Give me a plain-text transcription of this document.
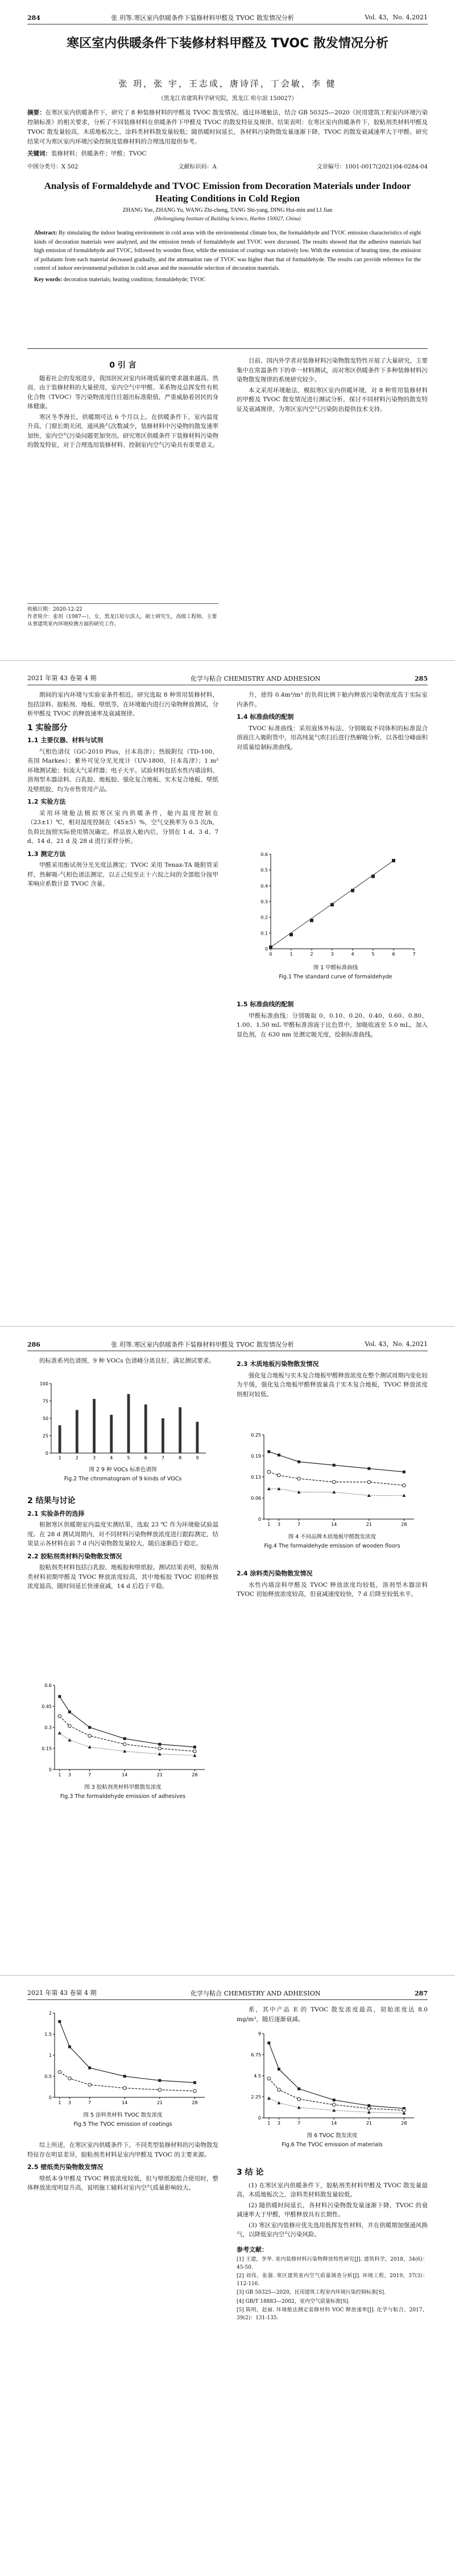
284	张 玥等.寒区室内供暖条件下装修材料甲醛及 TVOC 散发情况分析	Vol. 43，No. 4,2021
寒区室内供暖条件下装修材料甲醛及 TVOC 散发情况分析
张 玥，张 宇，王志成，唐诗洋，丁会敏，李 健
（黑龙江省建筑科学研究院，黑龙江 哈尔滨 150027）
摘要：在寒区室内供暖条件下，研究了 8 种装修材料的甲醛及 TVOC 散发情况。通过环境舱法，结合 GB 50325—2020《民用建筑工程室内环境污染控制标准》的相关要求，分析了不同装修材料在供暖条件下甲醛及 TVOC 的散发特征及规律。结果表明：在寒区室内供暖条件下，胶粘剂类材料甲醛及 TVOC 散发量较高，木质地板次之，涂料类材料散发量较低；随供暖时间延长，各材料污染物散发量逐渐下降，TVOC 的散发衰减速率大于甲醛。研究结果可为寒区室内环境污染控制及装修材料的合理选用提供参考。
关键词：装修材料；供暖条件；甲醛；TVOC
中图分类号：X 502	文献标识码：A	文章编号：1001-0017(2021)04-0284-04
Analysis of Formaldehyde and TVOC Emission from Decoration Materials under Indoor Heating Conditions in Cold Region
ZHANG Yue, ZHANG Yu, WANG Zhi-cheng, TANG Shi-yang, DING Hui-min and LI Jian
(Heilongjiang Institute of Building Science, Harbin 150027, China)
Abstract: By simulating the indoor heating environment in cold areas with the environmental climate box, the formaldehyde and TVOC emission characteristics of eight kinds of decoration materials were analyzed, and the emission trends of formaldehyde and TVOC were discussed. The results showed that the adhesive materials had high emission of formaldehyde and TVOC, followed by wooden floor, while the emission of coatings was relatively low. With the extension of heating time, the emission of pollutants from each material decreased gradually, and the attenuation rate of TVOC was higher than that of formaldehyde. The results can provide reference for the control of indoor environmental pollution in cold areas and the reasonable selection of decoration materials.
Key words: decoration materials; heating condition; formaldehyde; TVOC
0 引 言

随着社会的发展进步，我国居民对室内环境质量的要求越来越高。然而，由于装修材料的大量使用，室内空气中甲醛、苯系物及总挥发性有机化合物（TVOC）等污染物浓度往往超出标准限值，严重威胁着居民的身体健康。

寒区冬季漫长，供暖期可达 6 个月以上。在供暖条件下，室内温度升高，门窗长期关闭，通风换气次数减少，装修材料中污染物的散发速率加快，室内空气污染问题更加突出。研究寒区供暖条件下装修材料污染物的散发特征，对于合理选用装修材料、控制室内空气污染具有重要意义。

目前，国内外学者对装修材料污染物散发特性开展了大量研究，主要集中在常温条件下的单一材料测试，而对寒区供暖条件下多种装修材料污染物散发规律的系统研究较少。

本文采用环境舱法，模拟寒区室内供暖环境，对 8 种常用装修材料的甲醛及 TVOC 散发情况进行测试分析，探讨不同材料污染物的散发特征及衰减规律，为寒区室内空气污染防治提供技术支持。

收稿日期：2020-12-22
作者简介：张玥（1987—），女，黑龙江哈尔滨人，硕士研究生，高级工程师，主要从事建筑室内环境检测方面的研究工作。
2021 年第 43 卷第 4 期	化学与粘合 CHEMISTRY AND ADHESION	285

期间的室内环境与实验室条件相近。研究选取 8 种常用装修材料，包括涂料、胶粘剂、地板、壁纸等，在环境舱内进行污染物释放测试，分析甲醛及 TVOC 的释放速率及衰减规律。

1 实验部分
1.1 主要仪器、材料与试剂

气相色谱仪（GC-2010 Plus，日本岛津）；热脱附仪（TD-100，英国 Markes）；紫外可见分光光度计（UV-1800，日本岛津）；1 m³ 环境测试舱；恒流大气采样器；电子天平。试验材料包括水性内墙涂料、溶剂型木器涂料、白乳胶、地板胶、强化复合地板、实木复合地板、壁纸及壁纸胶，均为市售常用产品。

1.2 实验方法

采用环境舱法模拟寒区室内供暖条件，舱内温度控制在（23±1）℃，相对湿度控制在（45±5）%，空气交换率为 0.5 次/h，负荷比按照实际使用情况确定。样品放入舱内后，分别在 1 d、3 d、7 d、14 d、21 d 及 28 d 进行采样分析。

1.3 测定方法

甲醛采用酚试剂分光光度法测定；TVOC 采用 Tenax-TA 吸附管采样，热解吸-气相色谱法测定，以正己烷至正十六烷之间的全部组分按甲苯响应系数计算 TVOC 含量。

升，使得 0.4m³/m³ 的负荷比例下舱内释放污染物浓度高于实际室内条件。

1.4 标准曲线的配制

TVOC 标准曲线：采用液体外标法，分别吸取不同体积的标准混合溶液注入吸附管中，用高纯氮气吹扫后进行热解吸分析，以各组分峰面积对质量绘制标准曲线。

0
0.1
0.2
0.3
0.4
0.5
0.6
0	1	2	3	4	5	6	7
图 1 甲醛标准曲线
Fig.1 The standard curve of formaldehyde
1.5 标准曲线的配制

甲醛标准曲线：分别吸取 0、0.10、0.20、0.40、0.60、0.80、1.00、1.50 mL 甲醛标准溶液于比色管中，加吸收液至 5.0 mL，加入显色剂，在 630 nm 处测定吸光度，绘制标准曲线。

286	张 玥等.寒区室内供暖条件下装修材料甲醛及 TVOC 散发情况分析	Vol. 43，No. 4,2021

的标准系列色谱图，9 种 VOCs 色谱峰分离良好，满足测试要求。

0
25
50
75
100
1	2	3	4	5	6	7	8	9
图 2 9 种 VOCs 标准色谱图
Fig.2 The chromatogram of 9 kinds of VOCs
2 结果与讨论
2.1 实验条件的选择

根据寒区供暖期室内温度实测结果，选取 23 ℃ 作为环境舱试验温度。在 28 d 测试周期内，对不同材料污染物释放浓度进行跟踪测定，结果显示各材料在前 7 d 内污染物散发量较大，随后逐渐趋于稳定。

2.2 胶粘剂类材料污染物散发情况

胶粘剂类材料包括白乳胶、地板胶和壁纸胶。测试结果表明，胶粘剂类材料初期甲醛及 TVOC 释放浓度较高，其中地板胶 TVOC 初始释放浓度最高，随时间延长快速衰减，14 d 后趋于平稳。

0
0.15
0.3
0.45
0.6
1 3	7	14	21	28
图 3 胶粘剂类材料甲醛散发浓度
Fig.3 The formaldehyde emission of adhesives
2.3 木质地板污染物散发情况

强化复合地板与实木复合地板甲醛释放浓度在整个测试周期内变化较为平缓，强化复合地板甲醛释放量高于实木复合地板，TVOC 释放浓度则相对较低。

0
0.06
0.13
0.19
0.25
1 3	7	14	21	28
图 4 不同品牌木质地板甲醛散发浓度
Fig.4 The formaldehyde emission of wooden floors
2.4 涂料类污染物散发情况

水性内墙涂料甲醛及 TVOC 释放浓度均较低，溶剂型木器涂料 TVOC 初始释放浓度较高，但衰减速度较快，7 d 后降至较低水平。

2021 年第 43 卷第 4 期	化学与粘合 CHEMISTRY AND ADHESION	287
0
0.5
1
1.5
2
1 3	7	14	21	28
图 5 涂料类材料 TVOC 散发浓度
Fig.5 The TVOC emission of coatings

综上所述，在寒区室内供暖条件下，不同类型装修材料的污染物散发特征存在明显差异，胶粘剂类材料是室内甲醛及 TVOC 的主要来源。

2.5 壁纸类污染物散发情况

壁纸本身甲醛及 TVOC 释放浓度较低，但与壁纸胶组合使用时，整体释放浓度明显升高，说明施工辅料对室内空气质量影响较大。

系，其中产品 E 的 TVOC 散发浓度最高，初始浓度达 8.0 mg/m³，随后逐渐衰减。

0
2.25
4.5
6.75
9
1 3	7	14	21	28
图 6 TVOC 散发浓度
Fig.6 The TVOC emission of materials
3 结 论

(1) 在寒区室内供暖条件下，胶粘剂类材料甲醛及 TVOC 散发量最高，木质地板次之，涂料类材料散发量较低。

(2) 随供暖时间延长，各材料污染物散发量逐渐下降，TVOC 的衰减速率大于甲醛，甲醛释放具有长期性。

(3) 寒区室内装修应优先选用低挥发性材料，并在供暖期加强通风换气，以降低室内空气污染风险。

参考文献：
[1] 王建，李华. 室内装修材料污染物释放特性研究[J]. 建筑科学，2018，34(6)：45-50.
[2] 刘伟，张强. 寒区建筑室内空气质量调查分析[J]. 环境工程，2019，37(3)：112-116.
[3] GB 50325—2020，民用建筑工程室内环境污染控制标准[S].
[4] GB/T 18883—2002，室内空气质量标准[S].
[5] 陈明，赵丽. 环境舱法测定装修材料 VOC 释放速率[J]. 化学与粘合，2017，39(2)：131-135.
